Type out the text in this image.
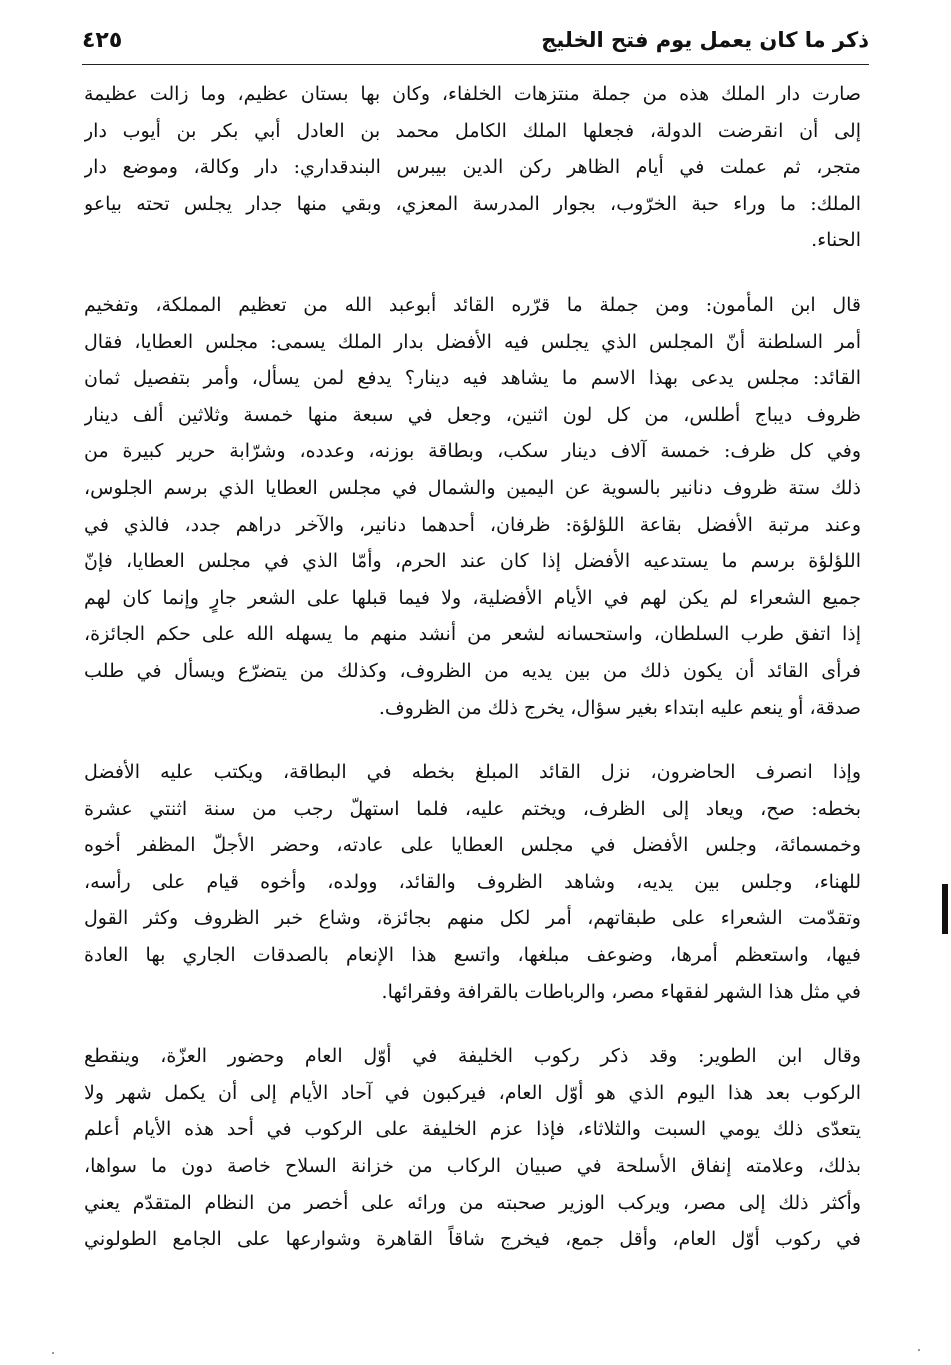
ذكر ما كان يعمل يوم فتح الخليج
٤٢٥

صارت دار الملك هذه من جملة منتزهات الخلفاء، وكان بها بستان عظيم، وما زالت عظيمة
إلى أن انقرضت الدولة، فجعلها الملك الكامل محمد بن العادل أبي بكر بن أيوب دار
متجر، ثم عملت في أيام الظاهر ركن الدين بيبرس البندقداري: دار وكالة، وموضع دار
الملك: ما وراء حبة الخرّوب، بجوار المدرسة المعزي، وبقي منها جدار يجلس تحته بياعو
الحناء.

قال ابن المأمون: ومن جملة ما قرّره القائد أبوعبد الله من تعظيم المملكة، وتفخيم
أمر السلطنة أنّ المجلس الذي يجلس فيه الأفضل بدار الملك يسمى: مجلس العطايا، فقال
القائد: مجلس يدعى بهذا الاسم ما يشاهد فيه دينار؟ يدفع لمن يسأل، وأمر بتفصيل ثمان
ظروف ديباج أطلس، من كل لون اثنين، وجعل في سبعة منها خمسة وثلاثين ألف دينار
وفي كل ظرف: خمسة آلاف دينار سكب، وبطاقة بوزنه، وعدده، وشرّابة حرير كبيرة من
ذلك ستة ظروف دنانير بالسوية عن اليمين والشمال في مجلس العطايا الذي برسم الجلوس،
وعند مرتبة الأفضل بقاعة اللؤلؤة: ظرفان، أحدهما دنانير، والآخر دراهم جدد، فالذي في
اللؤلؤة برسم ما يستدعيه الأفضل إذا كان عند الحرم، وأمّا الذي في مجلس العطايا، فإنّ
جميع الشعراء لم يكن لهم في الأيام الأفضلية، ولا فيما قبلها على الشعر جارٍ وإنما كان لهم
إذا اتفق طرب السلطان، واستحسانه لشعر من أنشد منهم ما يسهله الله على حكم الجائزة،
فرأى القائد أن يكون ذلك من بين يديه من الظروف، وكذلك من يتضرّع ويسأل في طلب
صدقة، أو ينعم عليه ابتداء بغير سؤال، يخرج ذلك من الظروف.

وإذا انصرف الحاضرون، نزل القائد المبلغ بخطه في البطاقة، ويكتب عليه الأفضل
بخطه: صح، ويعاد إلى الظرف، ويختم عليه، فلما استهلّ رجب من سنة اثنتي عشرة
وخمسمائة، وجلس الأفضل في مجلس العطايا على عادته، وحضر الأجلّ المظفر أخوه
للهناء، وجلس بين يديه، وشاهد الظروف والقائد، وولده، وأخوه قيام على رأسه،
وتقدّمت الشعراء على طبقاتهم، أمر لكل منهم بجائزة، وشاع خبر الظروف وكثر القول
فيها، واستعظم أمرها، وضوعف مبلغها، واتسع هذا الإنعام بالصدقات الجاري بها العادة
في مثل هذا الشهر لفقهاء مصر، والرباطات بالقرافة وفقرائها.

وقال ابن الطوير: وقد ذكر ركوب الخليفة في أوّل العام وحضور العزّة، وينقطع
الركوب بعد هذا اليوم الذي هو أوّل العام، فيركبون في آحاد الأيام إلى أن يكمل شهر ولا
يتعدّى ذلك يومي السبت والثلاثاء، فإذا عزم الخليفة على الركوب في أحد هذه الأيام أعلم
بذلك، وعلامته إنفاق الأسلحة في صبيان الركاب من خزانة السلاح خاصة دون ما سواها،
وأكثر ذلك إلى مصر، ويركب الوزير صحبته من ورائه على أخصر من النظام المتقدّم يعني
في ركوب أوّل العام، وأقل جمع، فيخرج شاقاً القاهرة وشوارعها على الجامع الطولوني
